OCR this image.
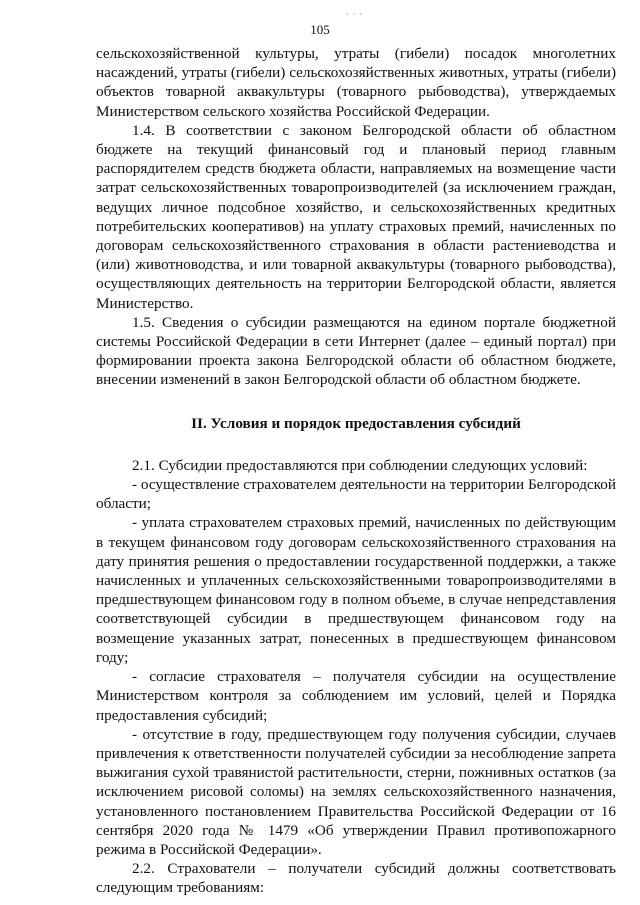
· · ·
105

сельскохозяйственной культуры, утраты (гибели) посадок многолетних насаждений, утраты (гибели) сельскохозяйственных животных, утраты (гибели) объектов товарной аквакультуры (товарного рыбоводства), утверждаемых Министерством сельского хозяйства Российской Федерации.

1.4. В соответствии с законом Белгородской области об областном бюджете на текущий финансовый год и плановый период главным распорядителем средств бюджета области, направляемых на возмещение части затрат сельскохозяйственных товаропроизводителей (за исключением граждан, ведущих личное подсобное хозяйство, и сельскохозяйственных кредитных потребительских кооперативов) на уплату страховых премий, начисленных по договорам сельскохозяйственного страхования в области растениеводства и (или) животноводства, и или товарной аквакультуры (товарного рыбоводства), осуществляющих деятельность на территории Белгородской области, является Министерство.

1.5. Сведения о субсидии размещаются на едином портале бюджетной системы Российской Федерации в сети Интернет (далее – единый портал) при формировании проекта закона Белгородской области об областном бюджете, внесении изменений в закон Белгородской области об областном бюджете.

II. Условия и порядок предоставления субсидий

2.1. Субсидии предоставляются при соблюдении следующих условий:

- осуществление страхователем деятельности на территории Белгородской области;

- уплата страхователем страховых премий, начисленных по действующим в текущем финансовом году договорам сельскохозяйственного страхования на дату принятия решения о предоставлении государственной поддержки, а также начисленных и уплаченных сельскохозяйственными товаропроизводителями в предшествующем финансовом году в полном объеме, в случае непредставления соответствующей субсидии в предшествующем финансовом году на возмещение указанных затрат, понесенных в предшествующем финансовом году;

- согласие страхователя – получателя субсидии на осуществление Министерством контроля за соблюдением им условий, целей и Порядка предоставления субсидий;

- отсутствие в году, предшествующем году получения субсидии, случаев привлечения к ответственности получателей субсидии за несоблюдение запрета выжигания сухой травянистой растительности, стерни, пожнивных остатков (за исключением рисовой соломы) на землях сельскохозяйственного назначения, установленного постановлением Правительства Российской Федерации от 16 сентября 2020 года № 1479 «Об утверждении Правил противопожарного режима в Российской Федерации».

2.2. Страхователи – получатели субсидий должны соответствовать следующим требованиям:
